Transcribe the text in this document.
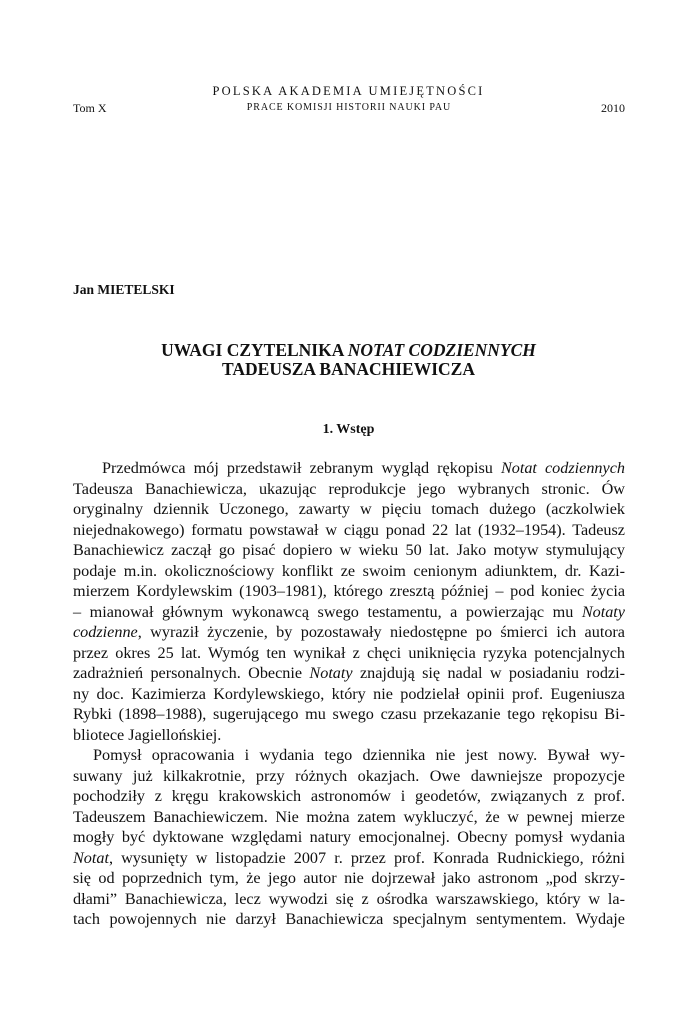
POLSKA AKADEMIA UMIEJĘTNOŚCI
Tom X	PRACE KOMISJI HISTORII NAUKI PAU	2010
Jan MIETELSKI
UWAGI CZYTELNIKA NOTAT CODZIENNYCH
TADEUSZA BANACHIEWICZA
1. Wstęp
Przedmówca mój przedstawił zebranym wygląd rękopisu Notat codziennych
Tadeusza Banachiewicza, ukazując reprodukcje jego wybranych stronic. Ów
oryginalny dziennik Uczonego, zawarty w pięciu tomach dużego (aczkolwiek
niejednakowego) formatu powstawał w ciągu ponad 22 lat (1932–1954). Tadeusz
Banachiewicz zaczął go pisać dopiero w wieku 50 lat. Jako motyw stymulujący
podaje m.in. okolicznościowy konflikt ze swoim cenionym adiunktem, dr. Kazi-
mierzem Kordylewskim (1903–1981), którego zresztą później – pod koniec życia
– mianował głównym wykonawcą swego testamentu, a powierzając mu Notaty
codzienne, wyraził życzenie, by pozostawały niedostępne po śmierci ich autora
przez okres 25 lat. Wymóg ten wynikał z chęci uniknięcia ryzyka potencjalnych
zadrażnień personalnych. Obecnie Notaty znajdują się nadal w posiadaniu rodzi-
ny doc. Kazimierza Kordylewskiego, który nie podzielał opinii prof. Eugeniusza
Rybki (1898–1988), sugerującego mu swego czasu przekazanie tego rękopisu Bi-
bliotece Jagiellońskiej.
Pomysł opracowania i wydania tego dziennika nie jest nowy. Bywał wy-
suwany już kilkakrotnie, przy różnych okazjach. Owe dawniejsze propozycje
pochodziły z kręgu krakowskich astronomów i geodetów, związanych z prof.
Tadeuszem Banachiewiczem. Nie można zatem wykluczyć, że w pewnej mierze
mogły być dyktowane względami natury emocjonalnej. Obecny pomysł wydania
Notat, wysunięty w listopadzie 2007 r. przez prof. Konrada Rudnickiego, różni
się od poprzednich tym, że jego autor nie dojrzewał jako astronom „pod skrzy-
dłami” Banachiewicza, lecz wywodzi się z ośrodka warszawskiego, który w la-
tach powojennych nie darzył Banachiewicza specjalnym sentymentem. Wydaje
